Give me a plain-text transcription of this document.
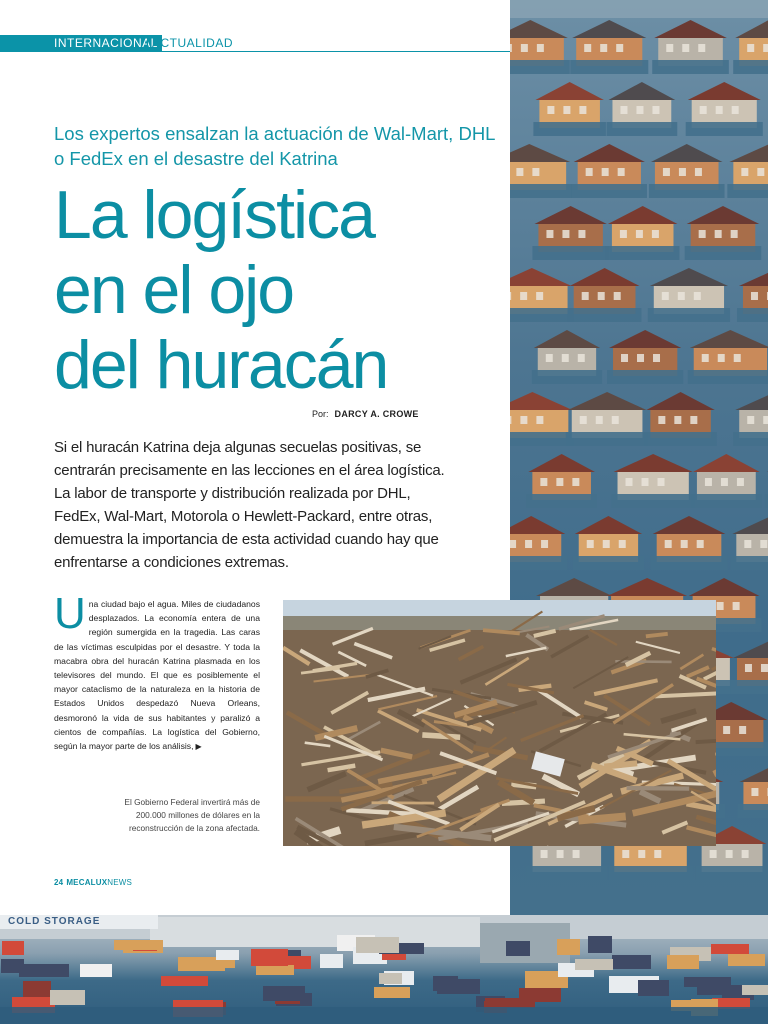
COLD STORAGE
INTERNACIONAL
ACTUALIDAD
Los expertos ensalzan la actuación de Wal-Mart, DHL o FedEx en el desastre del Katrina
La logística
en el ojo
del huracán
Por: DARCY A. CROWE

Si el huracán Katrina deja algunas secuelas positivas, se centrarán precisamente en las lecciones en el área logística. La labor de transporte y distribución realizada por DHL, FedEx, Wal-Mart, Motorola o Hewlett-Packard, entre otras, demuestra la importancia de esta actividad cuando hay que enfrentarse a condiciones extremas.

Una ciudad bajo el agua. Miles de ciudadanos desplazados. La economía entera de una región sumergida en la tragedia. Las caras de las víctimas esculpidas por el desastre. Y toda la macabra obra del huracán Katrina plasmada en los televisores del mundo. El que es posiblemente el mayor cataclismo de la naturaleza en la historia de Estados Unidos despedazó Nueva Orleans, desmoronó la vida de sus habitantes y paralizó a cientos de compañías. La logística del Gobierno, según la mayor parte de los análisis, ▶

El Gobierno Federal invertirá más de 200.000 millones de dólares en la reconstrucción de la zona afectada.

24 MECALUXNEWS
